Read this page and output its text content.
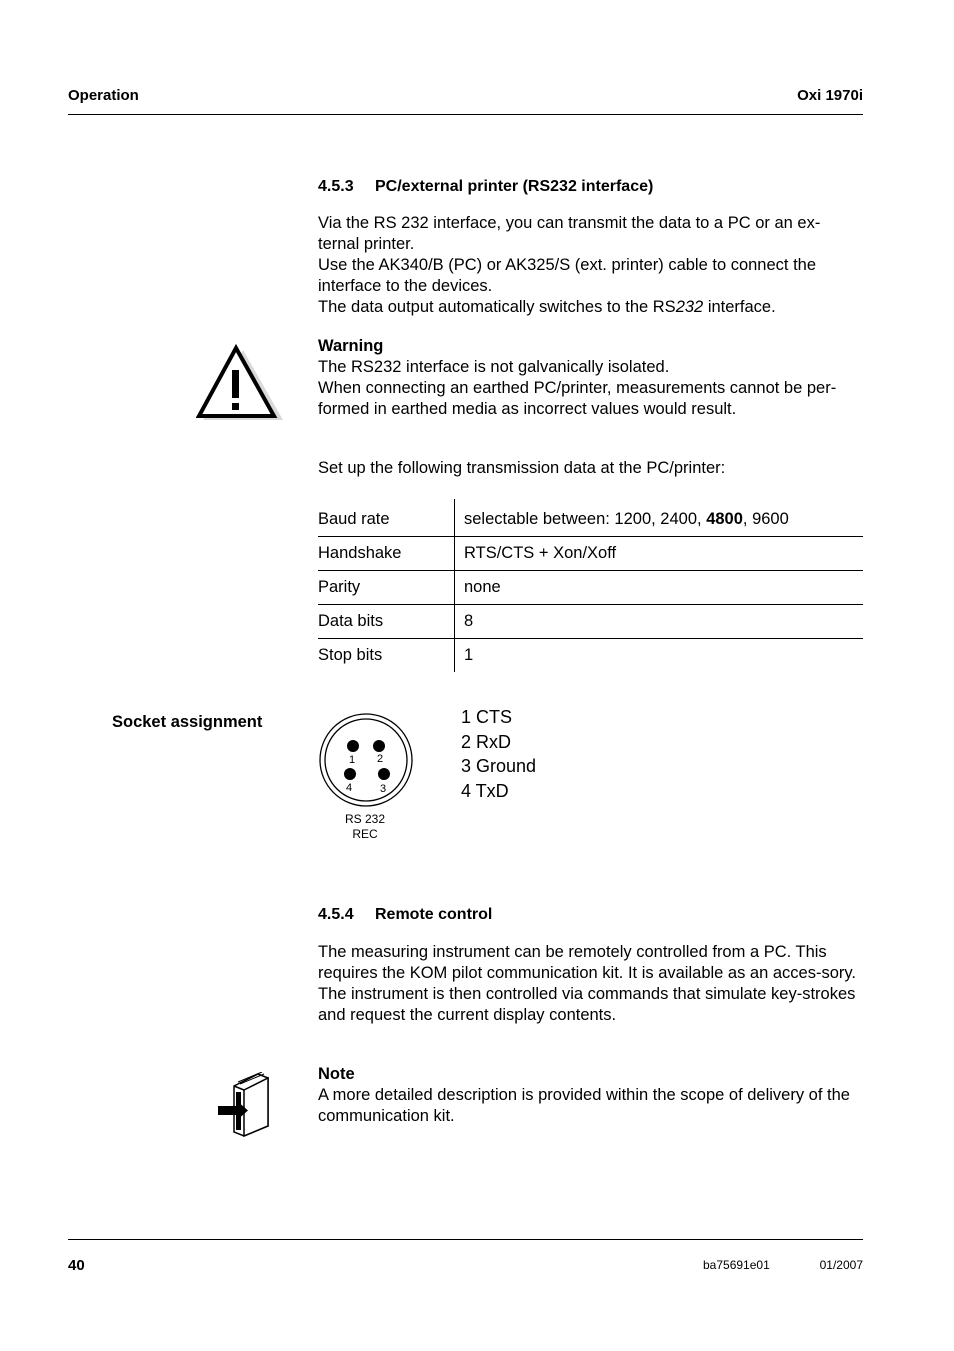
Operation	Oxi 1970i
4.5.3 PC/external printer (RS232 interface)

Via the RS 232 interface, you can transmit the data to a PC or an ex-
ternal printer.

Use the AK340/B (PC) or AK325/S (ext. printer) cable to connect the interface to the devices.

The data output automatically switches to the RS232 interface.

Warning

The RS232 interface is not galvanically isolated.

When connecting an earthed PC/printer, measurements cannot be per-formed in earthed media as incorrect values would result.

Set up the following transmission data at the PC/printer:
Baud rate	selectable between: 1200, 2400, 4800, 9600
Handshake	RTS/CTS + Xon/Xoff
Parity	none
Data bits	8
Stop bits	1
Socket assignment
1 2
3
4
RS 232
REC
1 CTS
2 RxD
3 Ground
4 TxD
4.5.4 Remote control

The measuring instrument can be remotely controlled from a PC. This requires the KOM pilot communication kit. It is available as an acces-sory.

The instrument is then controlled via commands that simulate key-strokes and request the current display contents.

Note

A more detailed description is provided within the scope of delivery of the communication kit.

40	ba75691e01	01/2007
